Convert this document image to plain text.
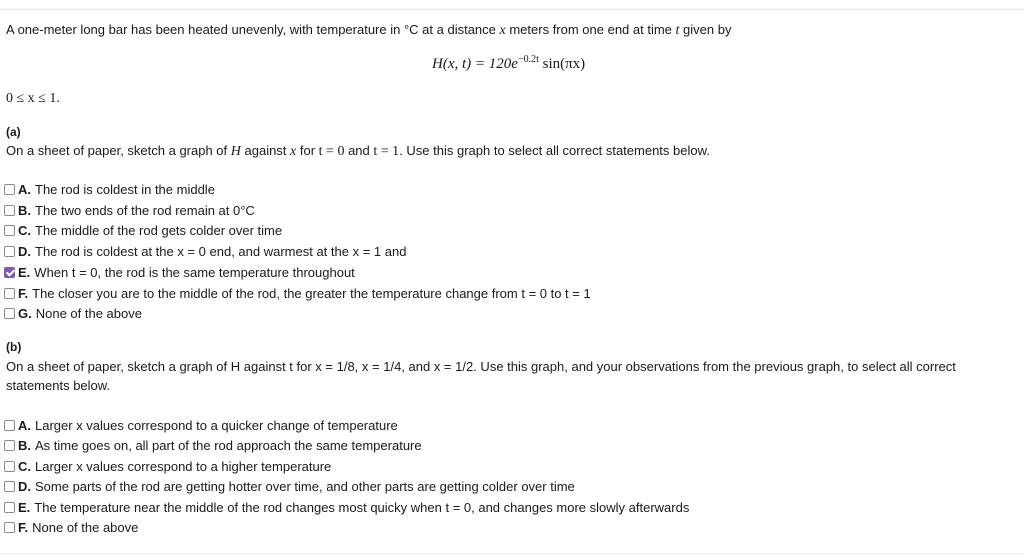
A one-meter long bar has been heated unevenly, with temperature in °C at a distance x meters from one end at time t given by
H(x, $t) = 120e^{-0.2t}$ sin(πx)
0 ≤ x ≤ 1.
(a)
On a sheet of paper, sketch a graph of H against x for t = 0 and t = 1. Use this graph to select all correct statements below.
A. The rod is coldest in the middle
B. The two ends of the rod remain at 0°C
C. The middle of the rod gets colder over time
D. The rod is coldest at the x = 0 end, and warmest at the x = 1 and
E. When t = 0, the rod is the same temperature throughout
F. The closer you are to the middle of the rod, the greater the temperature change from t = 0 to t = 1
G. None of the above
(b)
On a sheet of paper, sketch a graph of H against t for x = 1/8, x = 1/4, and x = 1/2. Use this graph, and your observations from the previous graph, to select all correct statements below.
A. Larger x values correspond to a quicker change of temperature
B. As time goes on, all part of the rod approach the same temperature
C. Larger x values correspond to a higher temperature
D. Some parts of the rod are getting hotter over time, and other parts are getting colder over time
E. The temperature near the middle of the rod changes most quicky when t = 0, and changes more slowly afterwards
F. None of the above
